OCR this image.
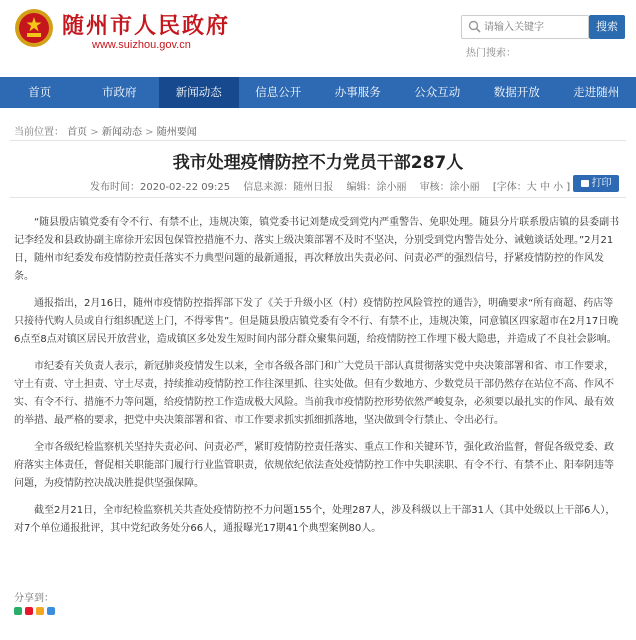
随州市人民政府
www.suizhou.gov.cn
请输入关键字
搜索
热门搜索：
首页	市政府	新闻动态	信息公开	办事服务	公众互动	数据开放	走进随州
当前位置： 首页 > 新闻动态 > 随州要闻
我市处理疫情防控不力党员干部287人
发布时间：2020-02-22 09:25 信息来源：随州日报 编辑：涂小丽 审核：涂小丽 [字体：大 中 小 ]	打印

“随县殷店镇党委有令不行、有禁不止，违规决策，镇党委书记刘楚成受到党内严重警告、免职处理。随县分片联系殷店镇的县委副书记李经发和县政协副主席徐开宏因包保管控措施不力、落实上级决策部署不及时不坚决，分别受到党内警告处分、诫勉谈话处理。”2月21日，随州市纪委发布疫情防控责任落实不力典型问题的最新通报，再次释放出失责必问、问责必严的强烈信号，抒紧疫情防控的作风发条。

通报指出，2月16日，随州市疫情防控指挥部下发了《关于升级小区（村）疫情防控风险管控的通告》，明确要求“所有商超、药店等只接待代购人员或自行组织配送上门，不得零售”。但是随县殷店镇党委有令不行、有禁不止，违规决策，同意镇区四家超市在2月17日晚6点至8点对镇区居民开放营业，造成镇区多处发生短时间内部分群众聚集问题，给疫情防控工作埋下极大隐患，并造成了不良社会影响。

市纪委有关负责人表示，新冠肺炎疫情发生以来，全市各级各部门和广大党员干部认真贯彻落实党中央决策部署和省、市工作要求，守土有责、守土担责、守土尽责，持续推动疫情防控工作往深里抓、往实处做。但有少数地方、少数党员干部仍然存在站位不高、作风不实、有令不行、措施不力等问题，给疫情防控工作造成极大风险。当前我市疫情防控形势依然严峻复杂，必须要以最扎实的作风、最有效的举措、最严格的要求，把党中央决策部署和省、市工作要求抓实抓细抓落地，坚决做到令行禁止、令出必行。

全市各级纪检监察机关坚持失责必问、问责必严，紧盯疫情防控责任落实、重点工作和关键环节，强化政治监督，督促各级党委、政府落实主体责任，督促相关职能部门履行行业监管职责，依规依纪依法查处疫情防控工作中失职渎职、有令不行、有禁不止、阳奉阴违等问题，为疫情防控决战决胜提供坚强保障。

截至2月21日，全市纪检监察机关共查处疫情防控不力问题155个，处理287人，涉及科级以上干部31人（其中处级以上干部6人），对7个单位通报批评，其中党纪政务处分66人，通报曝光17期41个典型案例80人。

分享到：
